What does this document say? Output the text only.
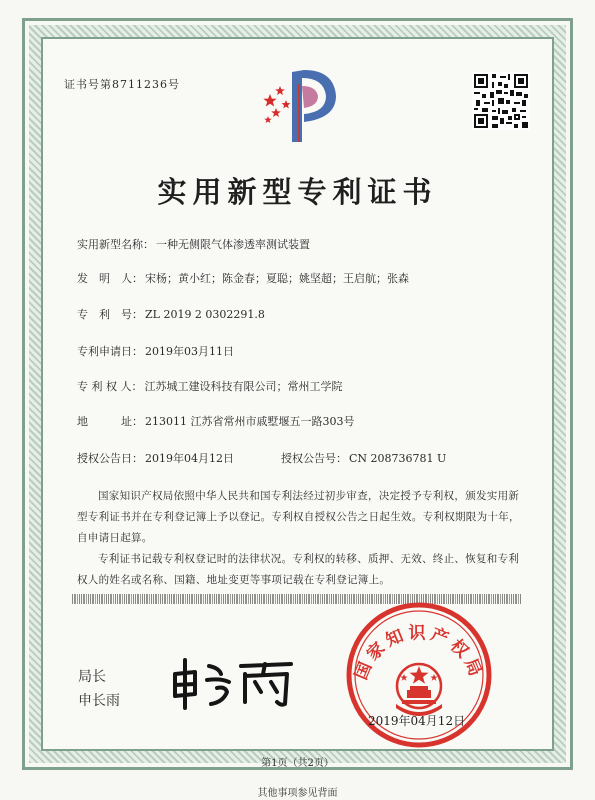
证书号第8711236号
实用新型专利证书
实用新型名称： 一种无侧限气体渗透率测试装置
发　明　人： 宋杨；黄小红；陈金春；夏聪；姚坚超；王启航；张森
专　利　号： ZL 2019 2 0302291.8
专利申请日： 2019年03月11日
专 利 权 人： 江苏城工建设科技有限公司；常州工学院
地　　　址： 213011 江苏省常州市戚墅堰五一路303号
授权公告日： 2019年04月12日	授权公告号： CN 208736781 U
国家知识产权局依照中华人民共和国专利法经过初步审查，决定授予专利权，颁发实用新型专利证书并在专利登记簿上予以登记。专利权自授权公告之日起生效。专利权期限为十年，自申请日起算。
专利证书记载专利权登记时的法律状况。专利权的转移、质押、无效、终止、恢复和专利权人的姓名或名称、国籍、地址变更等事项记载在专利登记簿上。
局长
申长雨
国家知识产权局
2019年04月12日
第1页（共2页）
其他事项参见背面
